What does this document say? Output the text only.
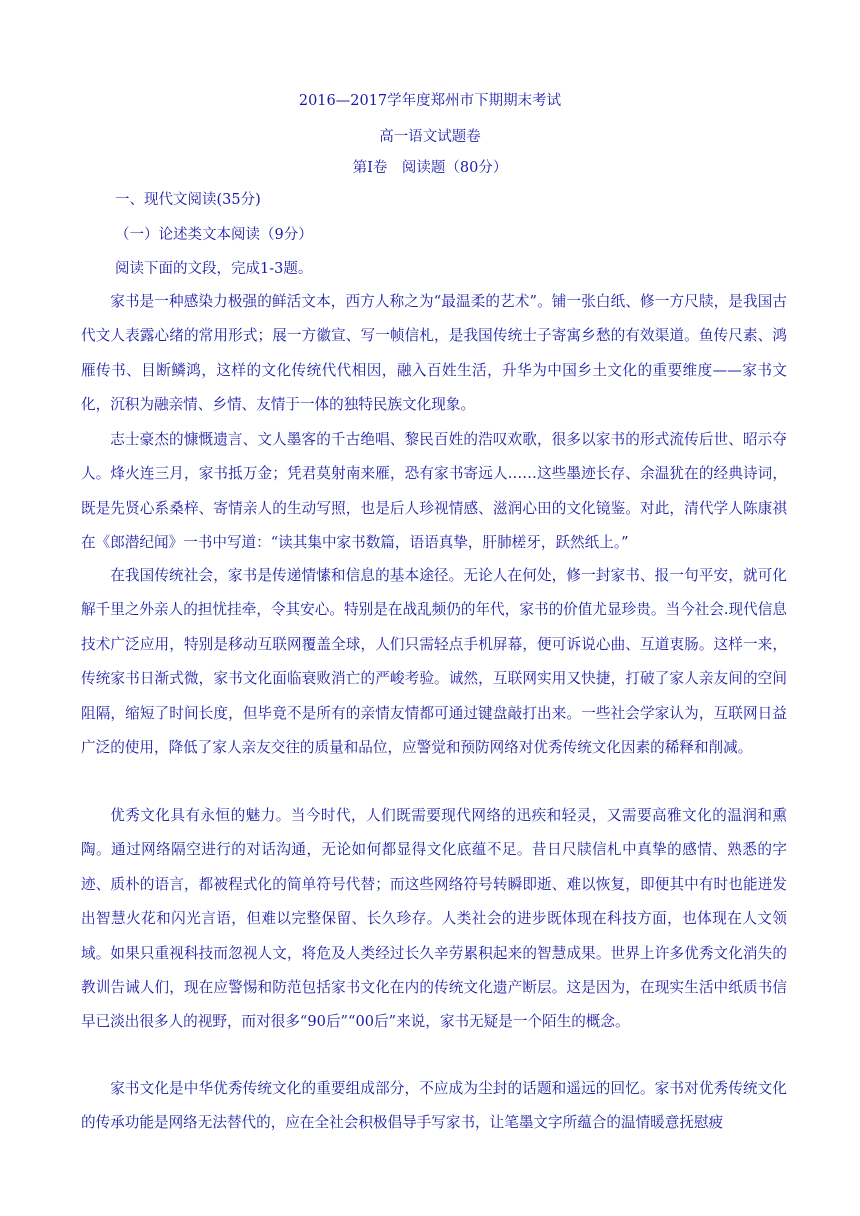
2016—2017学年度郑州市下期期末考试
高一语文试题卷
第Ⅰ卷　阅读题（80分）
一、现代文阅读(35分)
（一）论述类文本阅读（9分）
阅读下面的文段，完成1-3题。

家书是一种感染力极强的鲜活文本，西方人称之为“最温柔的艺术”。铺一张白纸、修一方尺牍，是我国古代文人表露心绪的常用形式；展一方徽宣、写一帧信札，是我国传统士子寄寓乡愁的有效渠道。鱼传尺素、鸿雁传书、目断鳞鸿，这样的文化传统代代相因，融入百姓生活，升华为中国乡土文化的重要维度——家书文化，沉积为融亲情、乡情、友情于一体的独特民族文化现象。

志士豪杰的慷慨遗言、文人墨客的千古绝唱、黎民百姓的浩叹欢歌，很多以家书的形式流传后世、昭示夺人。烽火连三月，家书抵万金；凭君莫射南来雁，恐有家书寄远人……这些墨迹长存、余温犹在的经典诗词，既是先贤心系桑梓、寄情亲人的生动写照，也是后人珍视情感、滋润心田的文化镜鉴。对此，清代学人陈康祺在《郎潜纪闻》一书中写道：“读其集中家书数篇，语语真挚，肝肺槎牙，跃然纸上。”

在我国传统社会，家书是传递情愫和信息的基本途径。无论人在何处，修一封家书、报一句平安，就可化解千里之外亲人的担忧挂牵，令其安心。特别是在战乱频仍的年代，家书的价值尤显珍贵。当今社会.现代信息技术广泛应用，特别是移动互联网覆盖全球，人们只需轻点手机屏幕，便可诉说心曲、互道衷肠。这样一来，传统家书日渐式微，家书文化面临衰败消亡的严峻考验。诚然，互联网实用又快捷，打破了家人亲友间的空间阻隔，缩短了时间长度，但毕竟不是所有的亲情友情都可通过键盘敲打出来。一些社会学家认为，互联网日益广泛的使用，降低了家人亲友交往的质量和品位，应警觉和预防网络对优秀传统文化因素的稀释和削减。

优秀文化具有永恒的魅力。当今时代，人们既需要现代网络的迅疾和轻灵，又需要高雅文化的温润和熏陶。通过网络隔空进行的对话沟通，无论如何都显得文化底蕴不足。昔日尺牍信札中真挚的感情、熟悉的字迹、质朴的语言，都被程式化的简单符号代替；而这些网络符号转瞬即逝、难以恢复，即便其中有时也能迸发出智慧火花和闪光言语，但难以完整保留、长久珍存。人类社会的进步既体现在科技方面，也体现在人文领域。如果只重视科技而忽视人文，将危及人类经过长久辛劳累积起来的智慧成果。世界上许多优秀文化消失的教训告诫人们，现在应警惕和防范包括家书文化在内的传统文化遗产断层。这是因为，在现实生活中纸质书信早已淡出很多人的视野，而对很多“90后”“00后”来说，家书无疑是一个陌生的概念。

家书文化是中华优秀传统文化的重要组成部分，不应成为尘封的话题和遥远的回忆。家书对优秀传统文化的传承功能是网络无法替代的，应在全社会积极倡导手写家书，让笔墨文字所蕴合的温情暖意抚慰疲
